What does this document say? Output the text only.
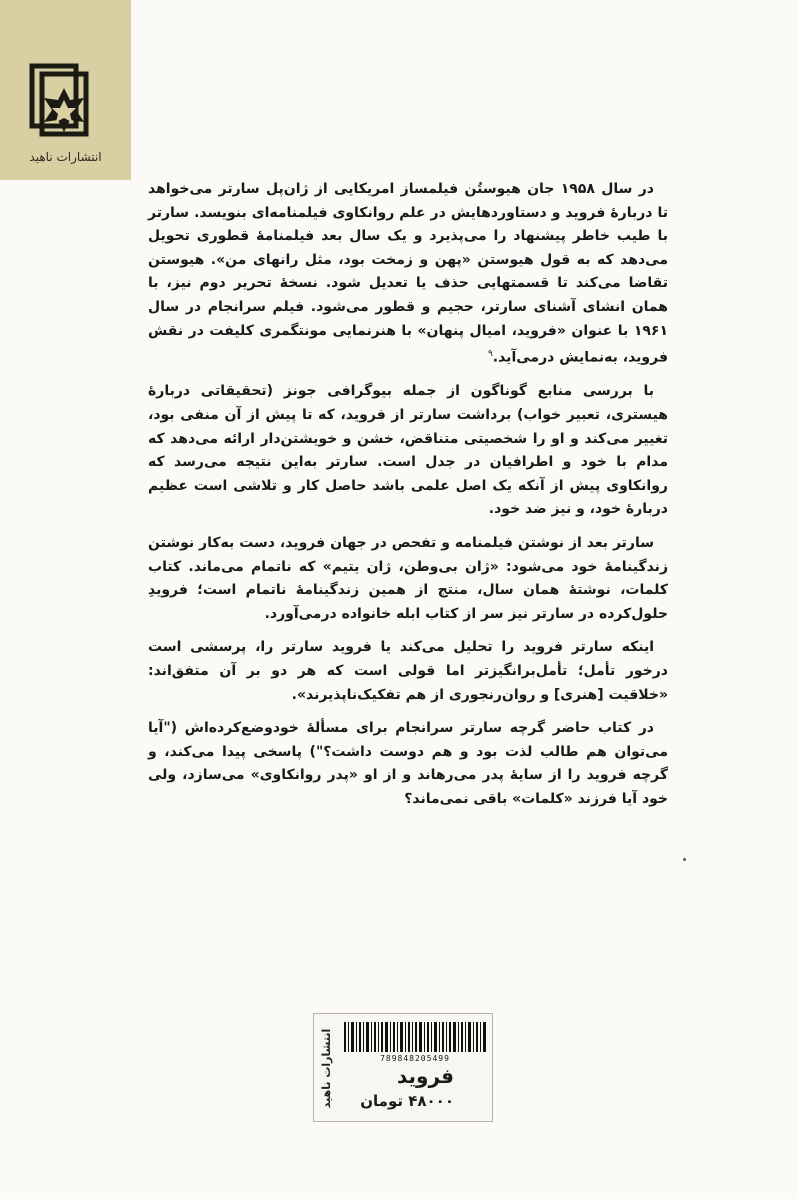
انتشارات ناهید

در سال ۱۹۵۸ جان هیوستُن فیلمساز امریکایی از ژان‌پل سارتر می‌خواهد تا دربارهٔ فروید و دستاوردهایش در علم روانکاوی فیلمنامه‌ای بنویسد. سارتر با طیب خاطر پیشنهاد را می‌پذیرد و یک سال بعد فیلمنامهٔ قطوری تحویل می‌دهد که به قول هیوستن «پهن و زمخت بود، مثل رانهای من». هیوستن تقاضا می‌کند تا قسمتهایی حذف یا تعدیل شود. نسخهٔ تحریر دوم نیز، با همان انشای آشنای سارتر، حجیم و قطور می‌شود. فیلم سرانجام در سال ۱۹۶۱ با عنوان «فروید، امیال پنهان» با هنرنمایی مونتگمری کلیفت در نقش فروید، به‌نمایش درمی‌آید.$^۹$

با بررسی منابع گوناگون از جمله بیوگرافی جونز (تحقیقاتی دربارهٔ هیستری، تعبیر خواب) برداشت سارتر از فروید، که تا پیش از آن منفی بود، تغییر می‌کند و او را شخصیتی متناقض، خشن و خویشتن‌دار ارائه می‌دهد که مدام با خود و اطرافیان در جدل است. سارتر به‌این نتیجه می‌رسد که روانکاوی پیش از آنکه یک اصل علمی باشد حاصل کار و تلاشی است عظیم دربارهٔ خود، و نیز ضد خود.

سارتر بعد از نوشتن فیلمنامه و تفحص در جهان فروید، دست به‌کار نوشتن زندگینامهٔ خود می‌شود: «ژان بی‌وطن، ژان یتیم» که ناتمام می‌ماند. کتاب کلمات، نوشتهٔ همان سال، منتج از همین زندگینامهٔ ناتمام است؛ فرویدِ حلول‌کرده در سارتر نیز سر از کتاب ابله خانواده درمی‌آورد.

اینکه سارتر فروید را تحلیل می‌کند یا فروید سارتر را، پرسشی است درخور تأمل؛ تأمل‌برانگیزتر اما قولی است که هر دو بر آن متفق‌اند: «خلاقیت [هنری] و روان‌رنجوری از هم تفکیک‌ناپذیرند».

در کتاب حاضر گرچه سارتر سرانجام برای مسألهٔ خودوضع‌کرده‌اش ("آیا می‌توان هم طالب لذت بود و هم دوست داشت؟") پاسخی پیدا می‌کند، و گرچه فروید را از سایهٔ پدر می‌رهاند و از او «پدر روانکاوی» می‌سازد، ولی خود آیا فرزند «کلمات» باقی نمی‌ماند؟

انتشارات ناهید	789848205499
فروید
۴۸۰۰۰ تومان
